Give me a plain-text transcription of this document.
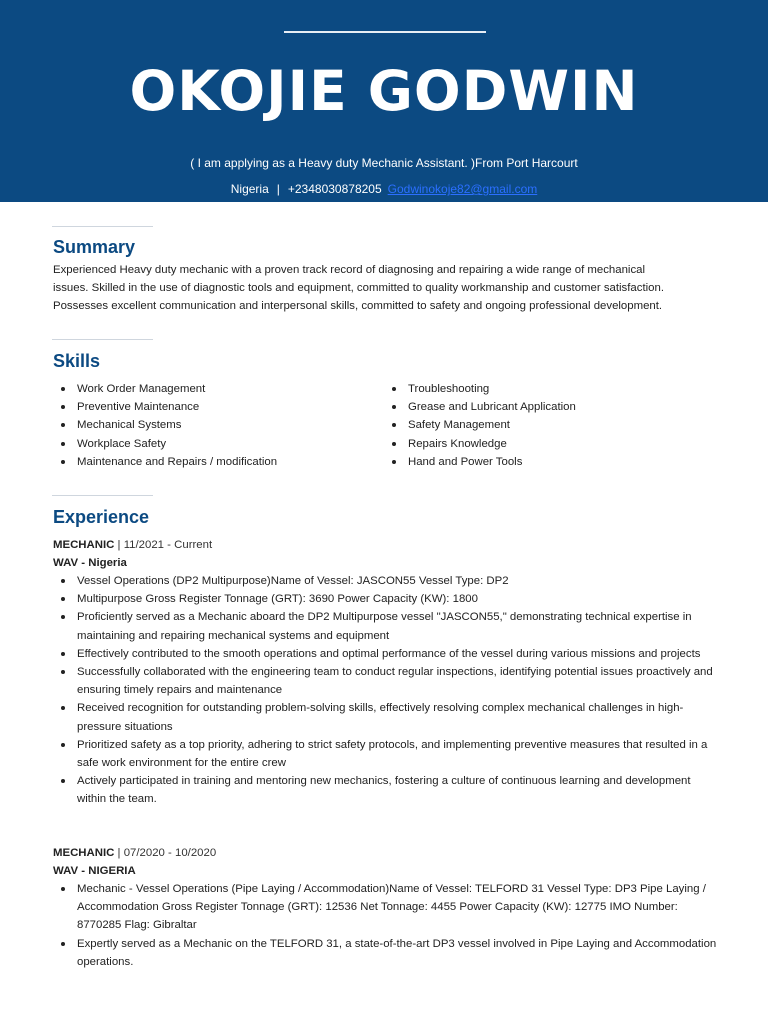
OKOJIE GODWIN
( I am applying as a Heavy duty Mechanic Assistant. )From Port Harcourt
Nigeria | +2348030878205 Godwinokoje82@gmail.com
Summary
Experienced Heavy duty mechanic with a proven track record of diagnosing and repairing a wide range of mechanical
issues. Skilled in the use of diagnostic tools and equipment, committed to quality workmanship and customer satisfaction.
Possesses excellent communication and interpersonal skills, committed to safety and ongoing professional development.
Skills
Work Order Management
Preventive Maintenance
Mechanical Systems
Workplace Safety
Maintenance and Repairs / modification
Troubleshooting
Grease and Lubricant Application
Safety Management
Repairs Knowledge
Hand and Power Tools
Experience
MECHANIC | 11/2021 - Current
WAV - Nigeria
Vessel Operations (DP2 Multipurpose)Name of Vessel: JASCON55 Vessel Type: DP2
Multipurpose Gross Register Tonnage (GRT): 3690 Power Capacity (KW): 1800
Proficiently served as a Mechanic aboard the DP2 Multipurpose vessel "JASCON55," demonstrating technical expertise in maintaining and repairing mechanical systems and equipment
Effectively contributed to the smooth operations and optimal performance of the vessel during various missions and projects
Successfully collaborated with the engineering team to conduct regular inspections, identifying potential issues proactively and ensuring timely repairs and maintenance
Received recognition for outstanding problem-solving skills, effectively resolving complex mechanical challenges in high-pressure situations
Prioritized safety as a top priority, adhering to strict safety protocols, and implementing preventive measures that resulted in a safe work environment for the entire crew
Actively participated in training and mentoring new mechanics, fostering a culture of continuous learning and development within the team.
MECHANIC | 07/2020 - 10/2020
WAV - NIGERIA
Mechanic - Vessel Operations (Pipe Laying / Accommodation)Name of Vessel: TELFORD 31 Vessel Type: DP3 Pipe Laying / Accommodation Gross Register Tonnage (GRT): 12536 Net Tonnage: 4455 Power Capacity (KW): 12775 IMO Number: 8770285 Flag: Gibraltar
Expertly served as a Mechanic on the TELFORD 31, a state-of-the-art DP3 vessel involved in Pipe Laying and Accommodation operations.
